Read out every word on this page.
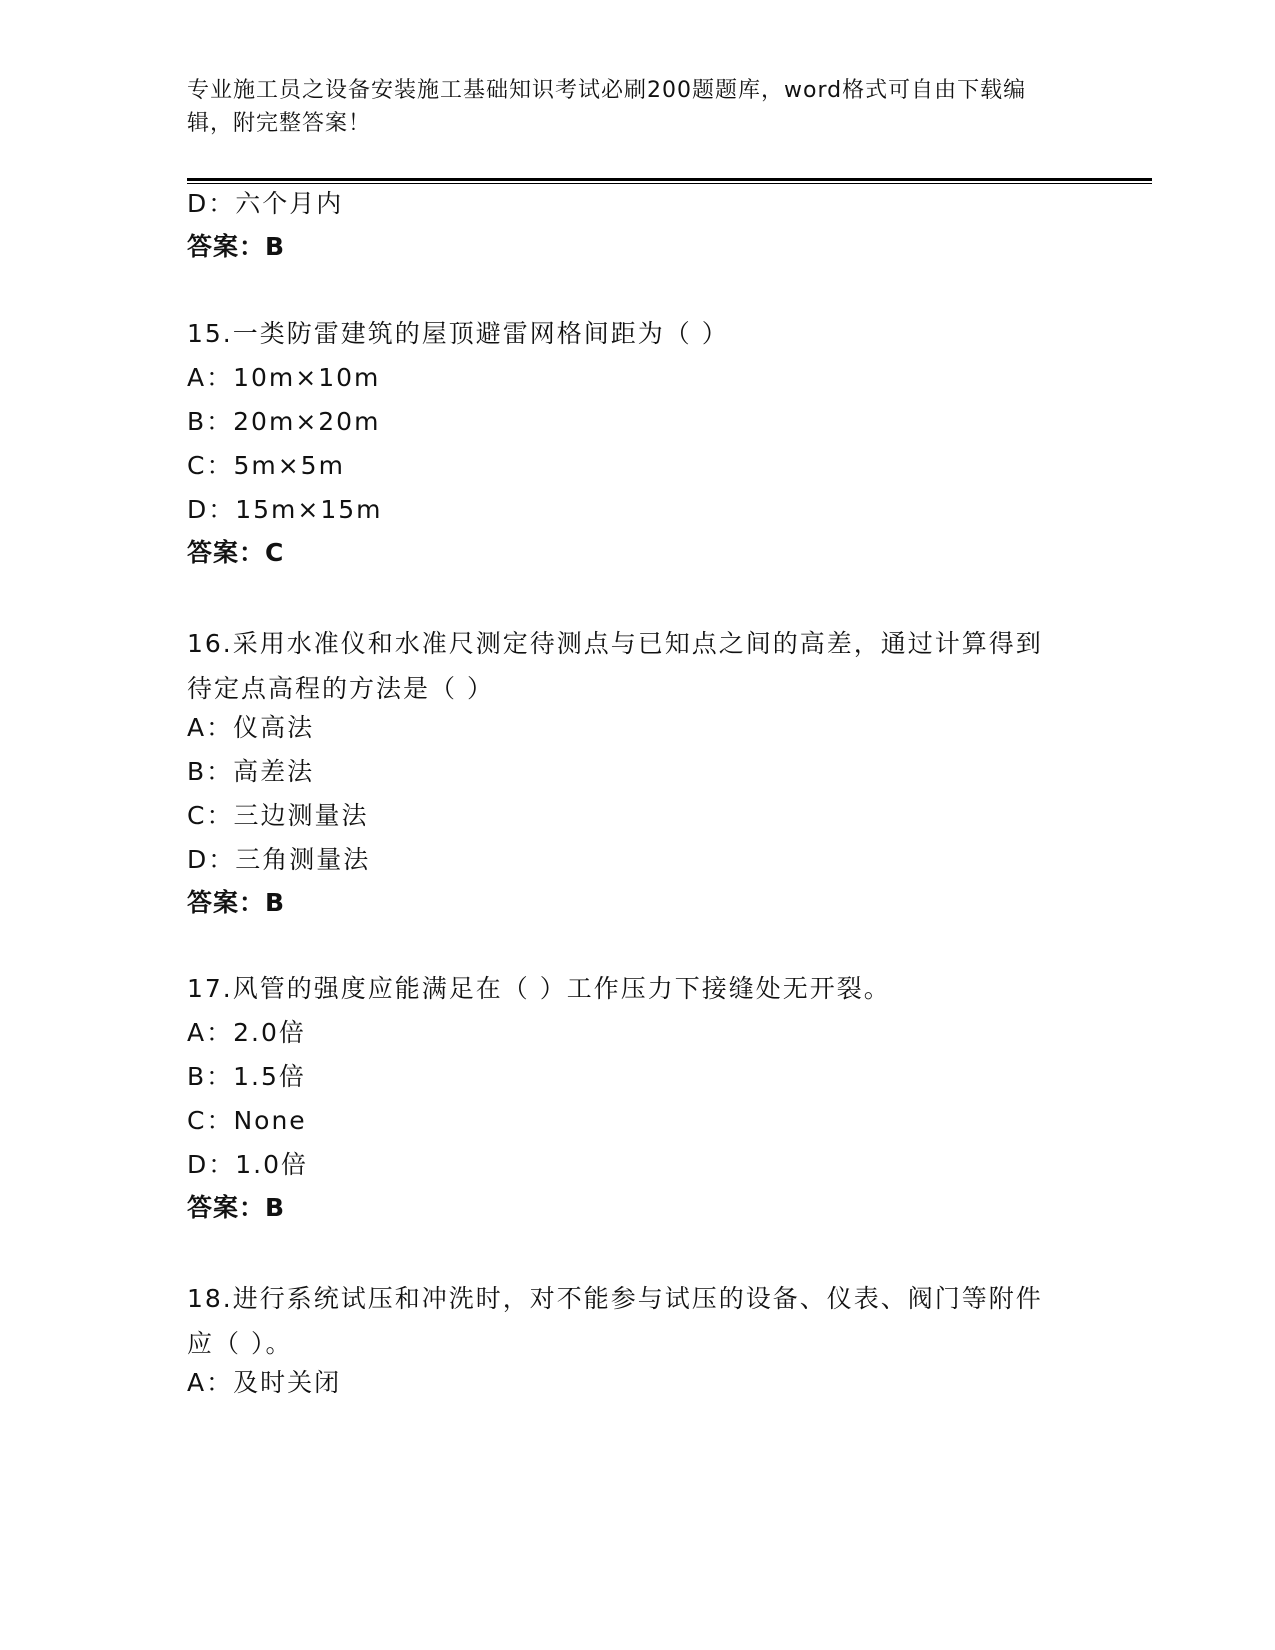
专业施工员之设备安装施工基础知识考试必刷200题题库，word格式可自由下载编辑，附完整答案！
D：六个月内
答案：B
15.一类防雷建筑的屋顶避雷网格间距为（ ）
A：10m×10m
B：20m×20m
C：5m×5m
D：15m×15m
答案：C
16.采用水准仪和水准尺测定待测点与已知点之间的高差，通过计算得到待定点高程的方法是（ ）
A：仪高法
B：高差法
C：三边测量法
D：三角测量法
答案：B
17.风管的强度应能满足在（ ）工作压力下接缝处无开裂。
A：2.0倍
B：1.5倍
C：None
D：1.0倍
答案：B
18.进行系统试压和冲洗时，对不能参与试压的设备、仪表、阀门等附件应（ ）。
A：及时关闭
